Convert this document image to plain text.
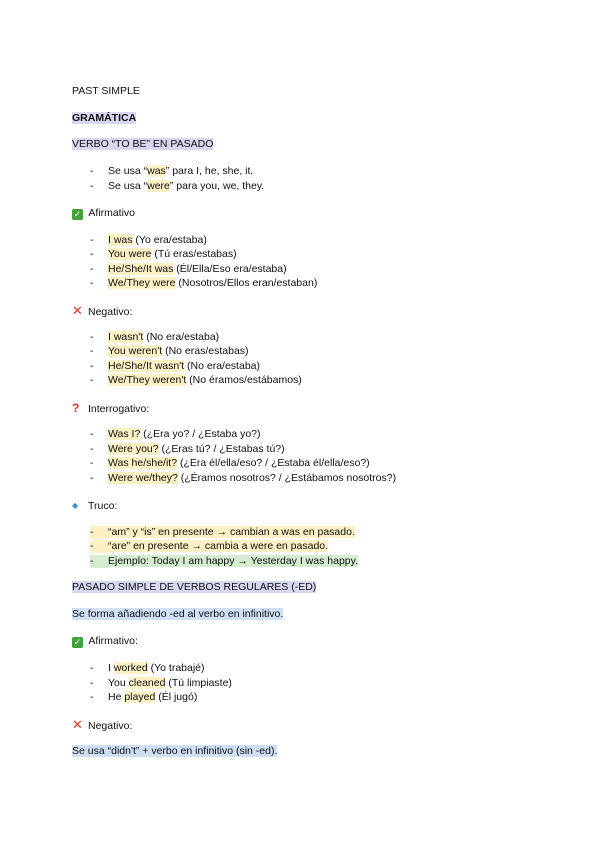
PAST SIMPLE
GRAMÁTICA
VERBO “TO BE” EN PASADO
- Se usa “was” para I, he, she, it.
- Se usa “were” para you, we, they.
✓ Afirmativo
- I was (Yo era/estaba)
- You were (Tú eras/estabas)
- He/She/It was (Él/Ella/Eso era/estaba)
- We/They were (Nosotros/Ellos eran/estaban)
✕ Negativo:
- I wasn't (No era/estaba)
- You weren't (No eras/estabas)
- He/She/It wasn't (No era/estaba)
- We/They weren't (No éramos/estábamos)
? Interrogativo:
- Was I? (¿Era yo? / ¿Estaba yo?)
- Were you? (¿Eras tú? / ¿Estabas tú?)
- Was he/she/it? (¿Era él/ella/eso? / ¿Estaba él/ella/eso?)
- Were we/they? (¿Éramos nosotros? / ¿Estábamos nosotros?)
◆ Truco:
- “am” y “is” en presente → cambian a was en pasado.
- “are” en presente → cambia a were en pasado.
- Ejemplo: Today I am happy → Yesterday I was happy.
PASADO SIMPLE DE VERBOS REGULARES (-ED)
Se forma añadiendo -ed al verbo en infinitivo.
✓ Afirmativo:
- I worked (Yo trabajé)
- You cleaned (Tú limpiaste)
- He played (Él jugó)
✕ Negativo:
Se usa “didn't” + verbo en infinitivo (sin -ed).
